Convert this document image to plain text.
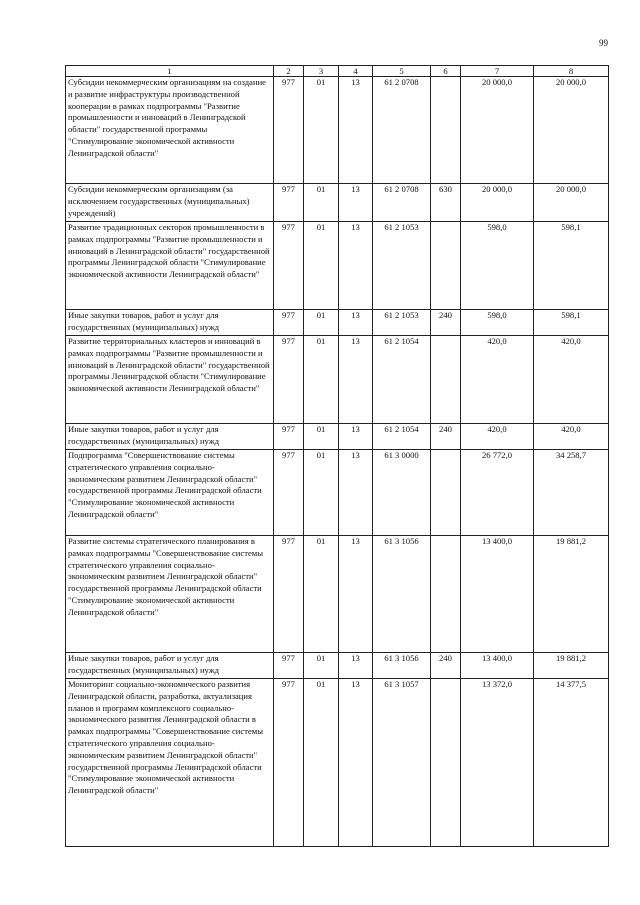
99
1	2	3	4	5	6	7	8
Субсидии некоммерческим организациям на создание и развитие инфраструктуры производственной кооперации в рамках подпрограммы "Развитие промышленности и инноваций в Ленинградской области" государственной программы "Стимулирование экономической активности Ленинградской области"	977	01	13	61 2 0708		20 000,0	20 000,0
Субсидии некоммерческим организациям (за исключением государственных (муниципальных) учреждений)	977	01	13	61 2 0708	630	20 000,0	20 000,0
Развитие традиционных секторов промышленности в рамках подпрограммы "Развитие промышленности и инноваций в Ленинградской области" государственной программы Ленинградской области "Стимулирование экономической активности Ленинградской области"	977	01	13	61 2 1053		598,0	598,1
Иные закупки товаров, работ и услуг для государственных (муниципальных) нужд	977	01	13	61 2 1053	240	598,0	598,1
Развитие территориальных кластеров и инноваций в рамках подпрограммы "Развитие промышленности и инноваций в Ленинградской области" государственной программы Ленинградской области "Стимулирование экономической активности Ленинградской области"	977	01	13	61 2 1054		420,0	420,0
Иные закупки товаров, работ и услуг для государственных (муниципальных) нужд	977	01	13	61 2 1054	240	420,0	420,0
Подпрограмма "Совершенствование системы стратегического управления социально-экономическим развитием Ленинградской области" государственной программы Ленинградской области "Стимулирование экономической активности Ленинградской области"	977	01	13	61 3 0000		26 772,0	34 258,7
Развитие системы стратегического планирования в рамках подпрограммы "Совершенствование системы стратегического управления социально-экономическим развитием Ленинградской области" государственной программы Ленинградской области "Стимулирование экономической активности Ленинградской области"	977	01	13	61 3 1056		13 400,0	19 881,2
Иные закупки товаров, работ и услуг для государственных (муниципальных) нужд	977	01	13	61 3 1056	240	13 400,0	19 881,2
Мониторинг социально-экономического развития Ленинградской области, разработка, актуализация планов и программ комплексного социально-экономического развития Ленинградской области в рамках подпрограммы "Совершенствование системы стратегического управления социально-экономическим развитием Ленинградской области" государственной программы Ленинградской области "Стимулирование экономической активности Ленинградской области"	977	01	13	61 3 1057		13 372,0	14 377,5
